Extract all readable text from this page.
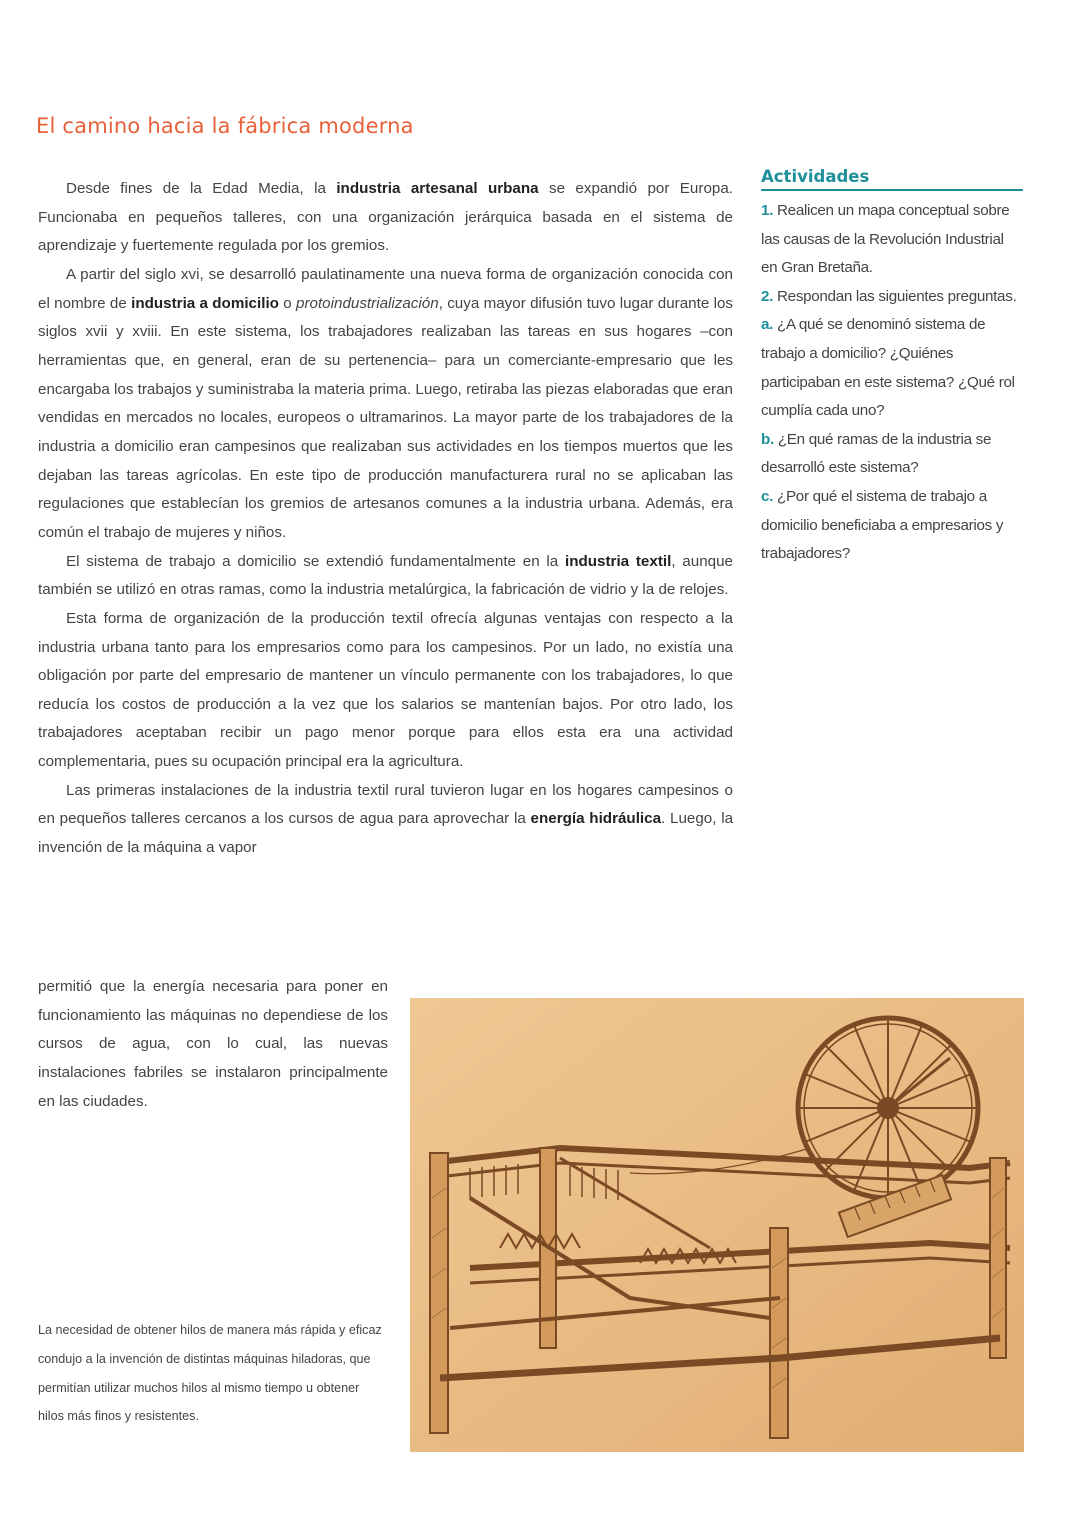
El camino hacia la fábrica moderna

Desde fines de la Edad Media, la industria artesanal urbana se expandió por Europa. Funcionaba en pequeños talleres, con una organización jerárquica basada en el sistema de aprendizaje y fuertemente regulada por los gremios.

A partir del siglo xvi, se desarrolló paulatinamente una nueva forma de organización conocida con el nombre de industria a domicilio o protoindustrialización, cuya mayor difusión tuvo lugar durante los siglos xvii y xviii. En este sistema, los trabajadores realizaban las tareas en sus hogares –con herramientas que, en general, eran de su pertenencia– para un comerciante-empresario que les encargaba los trabajos y suministraba la materia prima. Luego, retiraba las piezas elaboradas que eran vendidas en mercados no locales, europeos o ultramarinos. La mayor parte de los trabajadores de la industria a domicilio eran campesinos que realizaban sus actividades en los tiempos muertos que les dejaban las tareas agrícolas. En este tipo de producción manufacturera rural no se aplicaban las regulaciones que establecían los gremios de artesanos comunes a la industria urbana. Además, era común el trabajo de mujeres y niños.

El sistema de trabajo a domicilio se extendió fundamentalmente en la industria textil, aunque también se utilizó en otras ramas, como la industria metalúrgica, la fabricación de vidrio y la de relojes.

Esta forma de organización de la producción textil ofrecía algunas ventajas con respecto a la industria urbana tanto para los empresarios como para los campesinos. Por un lado, no existía una obligación por parte del empresario de mantener un vínculo permanente con los trabajadores, lo que reducía los costos de producción a la vez que los salarios se mantenían bajos. Por otro lado, los trabajadores aceptaban recibir un pago menor porque para ellos esta era una actividad complementaria, pues su ocupación principal era la agricultura.

Las primeras instalaciones de la industria textil rural tuvieron lugar en los hogares campesinos o en pequeños talleres cercanos a los cursos de agua para aprovechar la energía hidráulica. Luego, la invención de la máquina a vapor

permitió que la energía necesaria para poner en funcionamiento las máquinas no dependiese de los cursos de agua, con lo cual, las nuevas instalaciones fabriles se instalaron principalmente en las ciudades.

Actividades

1. Realicen un mapa conceptual sobre las causas de la Revolución Industrial en Gran Bretaña.

2. Respondan las siguientes preguntas.

a. ¿A qué se denominó sistema de trabajo a domicilio? ¿Quiénes participaban en este sistema? ¿Qué rol cumplía cada uno?

b. ¿En qué ramas de la industria se desarrolló este sistema?

c. ¿Por qué el sistema de trabajo a domicilio beneficiaba a empresarios y trabajadores?

La necesidad de obtener hilos de manera más rápida y eficaz condujo a la invención de distintas máquinas hiladoras, que permitían utilizar muchos hilos al mismo tiempo u obtener hilos más finos y resistentes.
